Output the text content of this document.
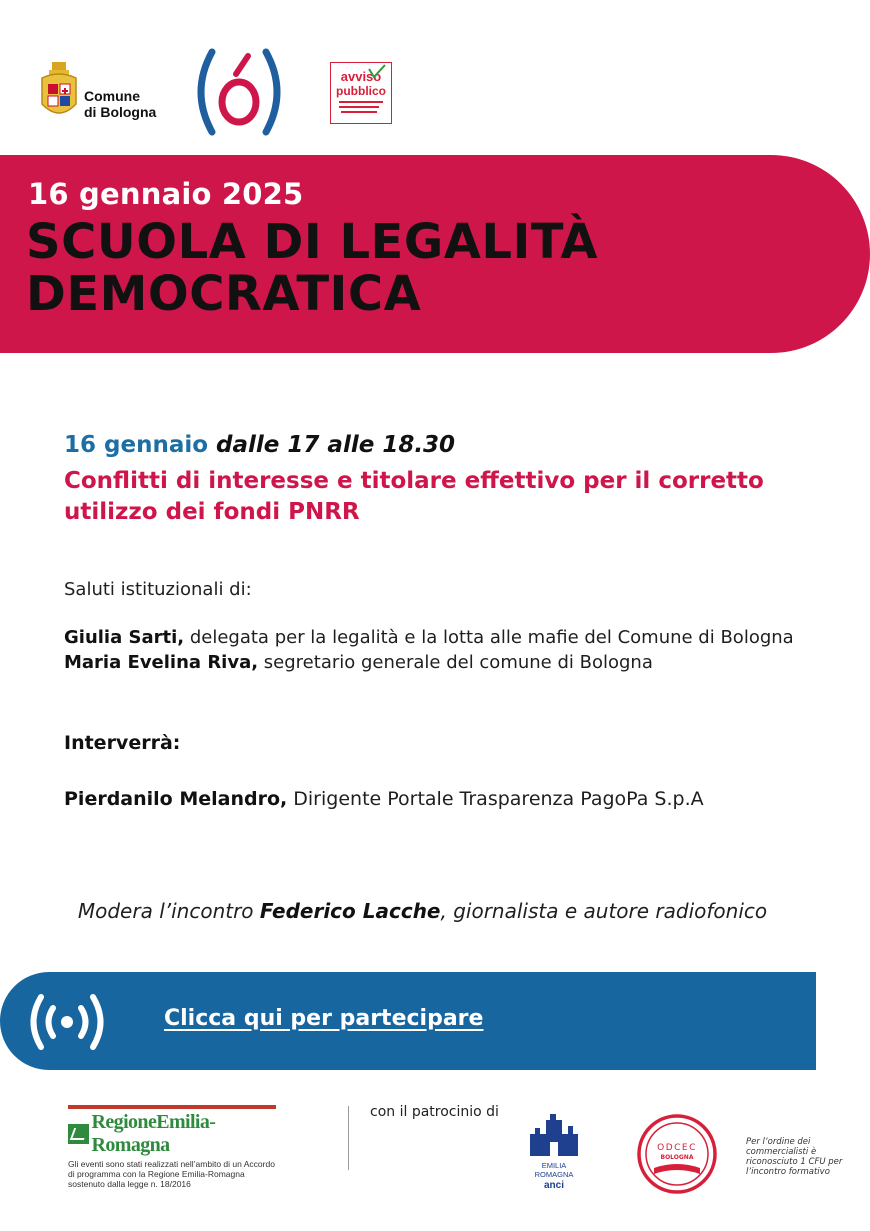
Comune
di Bologna
avviso
pubblico
16 gennaio 2025
SCUOLA DI LEGALITÀ DEMOCRATICA
16 gennaio dalle 17 alle 18.30
Conflitti di interesse e titolare effettivo per il corretto utilizzo dei fondi PNRR
Saluti istituzionali di:
Giulia Sarti, delegata per la legalità e la lotta alle mafie del Comune di Bologna
Maria Evelina Riva, segretario generale del comune di Bologna
Interverrà:
Pierdanilo Melandro, Dirigente Portale Trasparenza PagoPa S.p.A
Modera l’incontro Federico Lacche, giornalista e autore radiofonico
Clicca qui per partecipare
RegioneEmilia-Romagna
Gli eventi sono stati realizzati nell’ambito di un Accordo di programma con la Regione Emilia-Romagna sostenuto dalla legge n. 18/2016
con il patrocinio di
EMILIA
ROMAGNA
anci
ODCEC
BOLOGNA
Per l’ordine dei commercialisti è riconosciuto 1 CFU per l’incontro formativo
